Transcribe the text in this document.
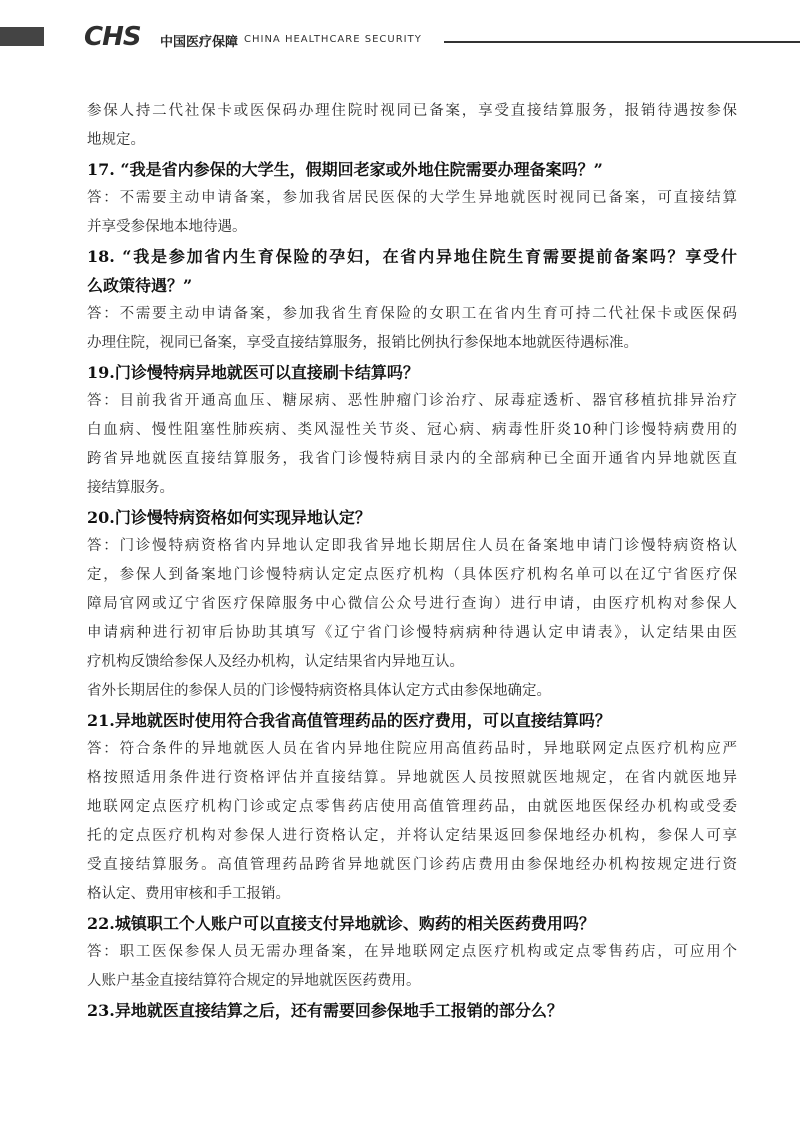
CHS 中国医疗保障 CHINA HEALTHCARE SECURITY
参保人持二代社保卡或医保码办理住院时视同已备案，享受直接结算服务，报销待遇按参保
地规定。
17. “我是省内参保的大学生，假期回老家或外地住院需要办理备案吗？”
答：不需要主动申请备案，参加我省居民医保的大学生异地就医时视同已备案，可直接结算
并享受参保地本地待遇。
18. “我是参加省内生育保险的孕妇，在省内异地住院生育需要提前备案吗？享受什
么政策待遇？”
答：不需要主动申请备案，参加我省生育保险的女职工在省内生育可持二代社保卡或医保码
办理住院，视同已备案，享受直接结算服务，报销比例执行参保地本地就医待遇标准。
19.门诊慢特病异地就医可以直接刷卡结算吗？
答：目前我省开通高血压、糖尿病、恶性肿瘤门诊治疗、尿毒症透析、器官移植抗排异治疗
白血病、慢性阻塞性肺疾病、类风湿性关节炎、冠心病、病毒性肝炎10种门诊慢特病费用的
跨省异地就医直接结算服务，我省门诊慢特病目录内的全部病种已全面开通省内异地就医直
接结算服务。
20.门诊慢特病资格如何实现异地认定？
答：门诊慢特病资格省内异地认定即我省异地长期居住人员在备案地申请门诊慢特病资格认
定，参保人到备案地门诊慢特病认定定点医疗机构（具体医疗机构名单可以在辽宁省医疗保
障局官网或辽宁省医疗保障服务中心微信公众号进行查询）进行申请，由医疗机构对参保人
申请病种进行初审后协助其填写《辽宁省门诊慢特病病种待遇认定申请表》，认定结果由医
疗机构反馈给参保人及经办机构，认定结果省内异地互认。
省外长期居住的参保人员的门诊慢特病资格具体认定方式由参保地确定。
21.异地就医时使用符合我省高值管理药品的医疗费用，可以直接结算吗？
答：符合条件的异地就医人员在省内异地住院应用高值药品时，异地联网定点医疗机构应严
格按照适用条件进行资格评估并直接结算。异地就医人员按照就医地规定，在省内就医地异
地联网定点医疗机构门诊或定点零售药店使用高值管理药品，由就医地医保经办机构或受委
托的定点医疗机构对参保人进行资格认定，并将认定结果返回参保地经办机构，参保人可享
受直接结算服务。高值管理药品跨省异地就医门诊药店费用由参保地经办机构按规定进行资
格认定、费用审核和手工报销。
22.城镇职工个人账户可以直接支付异地就诊、购药的相关医药费用吗？
答：职工医保参保人员无需办理备案，在异地联网定点医疗机构或定点零售药店，可应用个
人账户基金直接结算符合规定的异地就医医药费用。
23.异地就医直接结算之后，还有需要回参保地手工报销的部分么？
